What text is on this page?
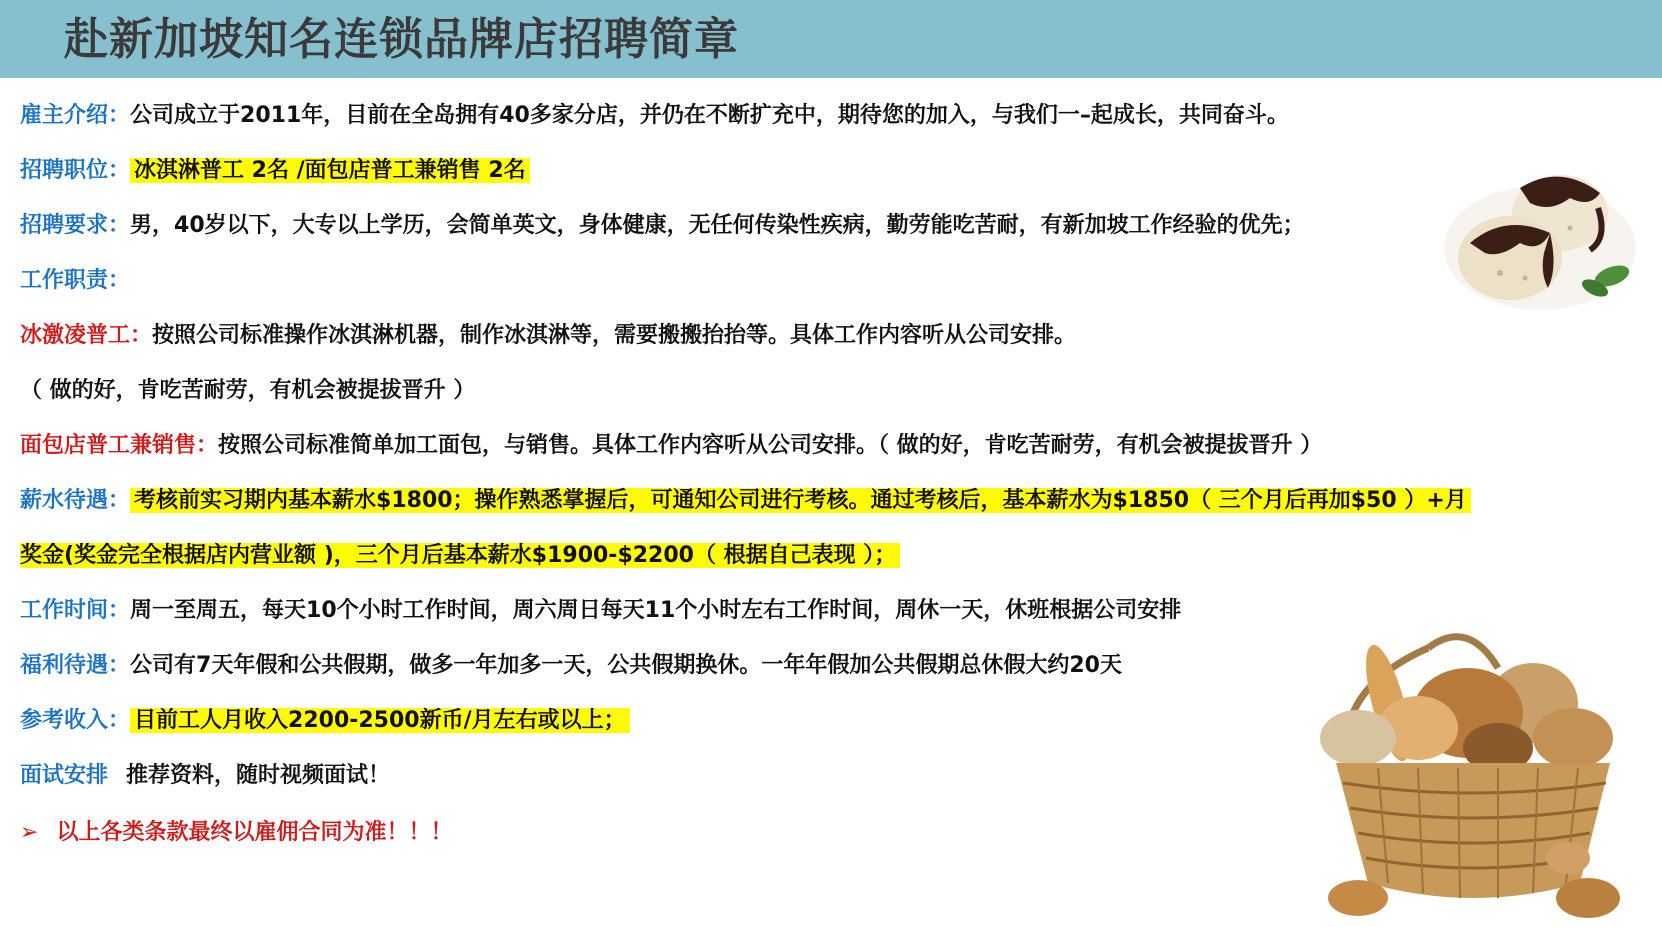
赴新加坡知名连锁品牌店招聘简章
雇主介绍：公司成立于2011年，目前在全岛拥有40多家分店，并仍在不断扩充中，期待您的加入，与我们一–起成长，共同奋斗。
招聘职位： 冰淇淋普工 2名 /面包店普工兼销售 2名
招聘要求：男，40岁以下，大专以上学历，会简单英文，身体健康，无任何传染性疾病，勤劳能吃苦耐，有新加坡工作经验的优先；
工作职责：
冰激凌普工：按照公司标准操作冰淇淋机器，制作冰淇淋等，需要搬搬抬抬等。具体工作内容听从公司安排。
（ 做的好，肯吃苦耐劳，有机会被提拔晋升 ）
面包店普工兼销售：按照公司标准简单加工面包，与销售。具体工作内容听从公司安排。（ 做的好，肯吃苦耐劳，有机会被提拔晋升 ）
薪水待遇： 考核前实习期内基本薪水$1800；操作熟悉掌握后，可通知公司进行考核。通过考核后，基本薪水为$1850（ 三个月后再加$50 ）+月
奖金(奖金完全根据店内营业额 )，三个月后基本薪水$1900-$2200（ 根据自己表现 ）；
工作时间：周一至周五，每天10个小时工作时间，周六周日每天11个小时左右工作时间，周休一天，休班根据公司安排
福利待遇：公司有7天年假和公共假期，做多一年加多一天，公共假期换休。一年年假加公共假期总休假大约20天
参考收入： 目前工人月收入2200-2500新币/月左右或以上；
面试安排 推荐资料，随时视频面试！
➢ 以上各类条款最终以雇佣合同为准！！！
